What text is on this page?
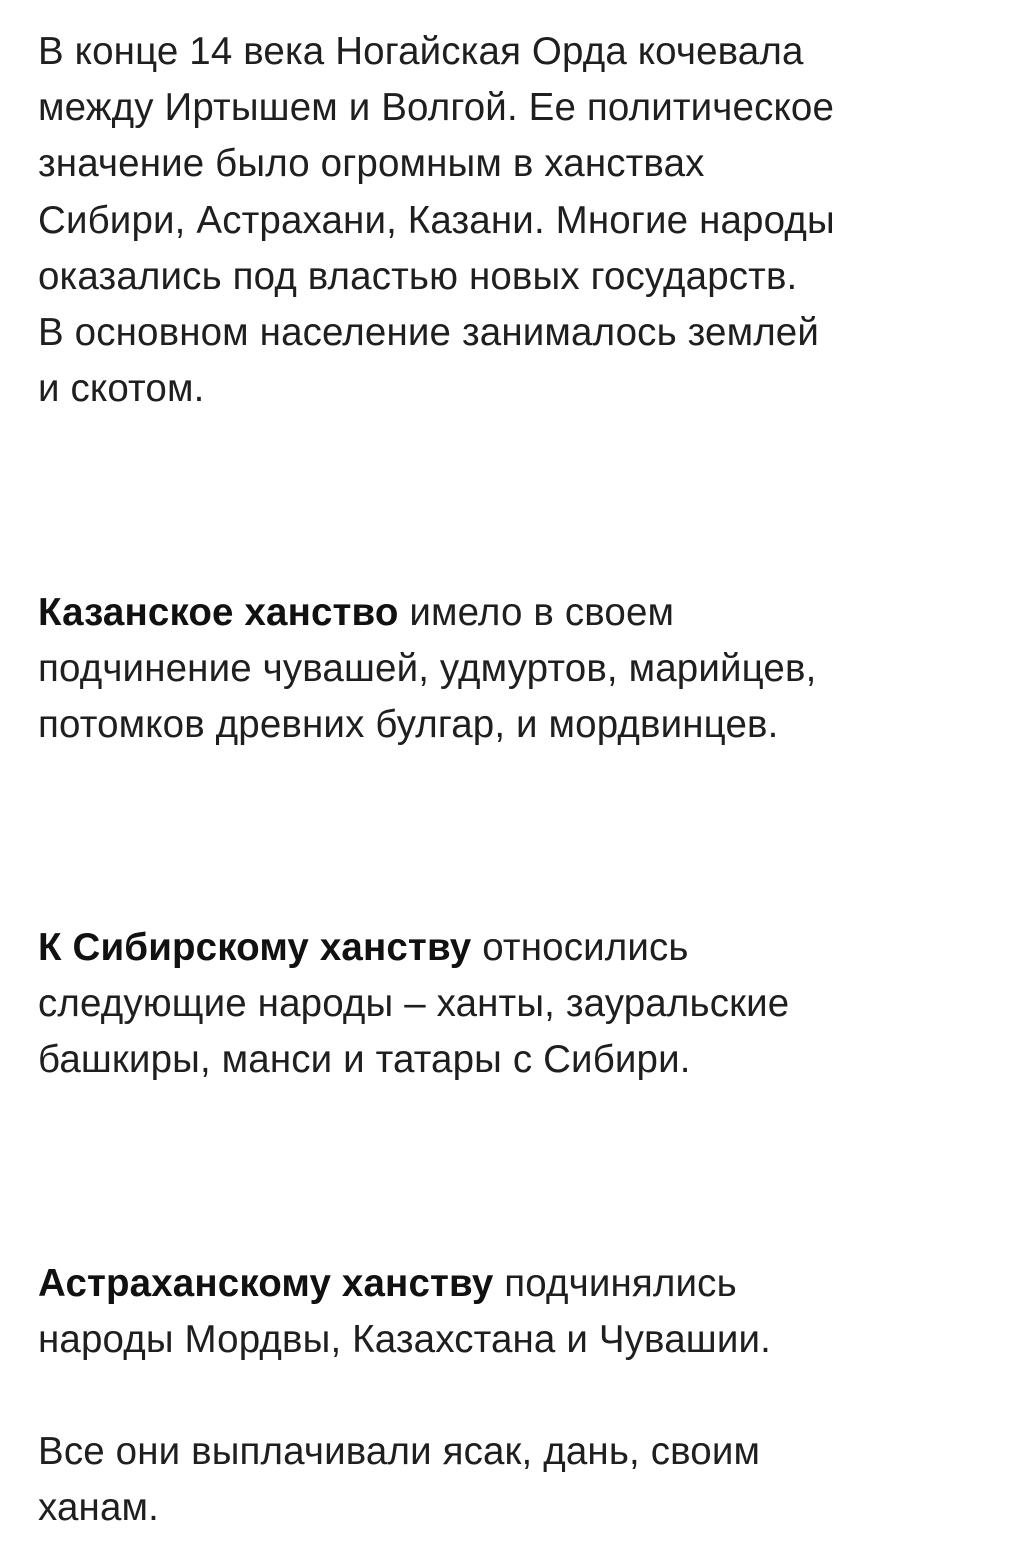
В конце 14 века Ногайская Орда кочевала
между Иртышем и Волгой. Ее политическое
значение было огромным в ханствах
Сибири, Астрахани, Казани. Многие народы
оказались под властью новых государств.
В основном население занималось землей
и скотом.

Казанское ханство имело в своем
подчинение чувашей, удмуртов, марийцев,
потомков древних булгар, и мордвинцев.

К Сибирскому ханству относились
следующие народы – ханты, зауральские
башкиры, манси и татары с Сибири.

Астраханскому ханству подчинялись
народы Мордвы, Казахстана и Чувашии.

Все они выплачивали ясак, дань, своим
ханам.
